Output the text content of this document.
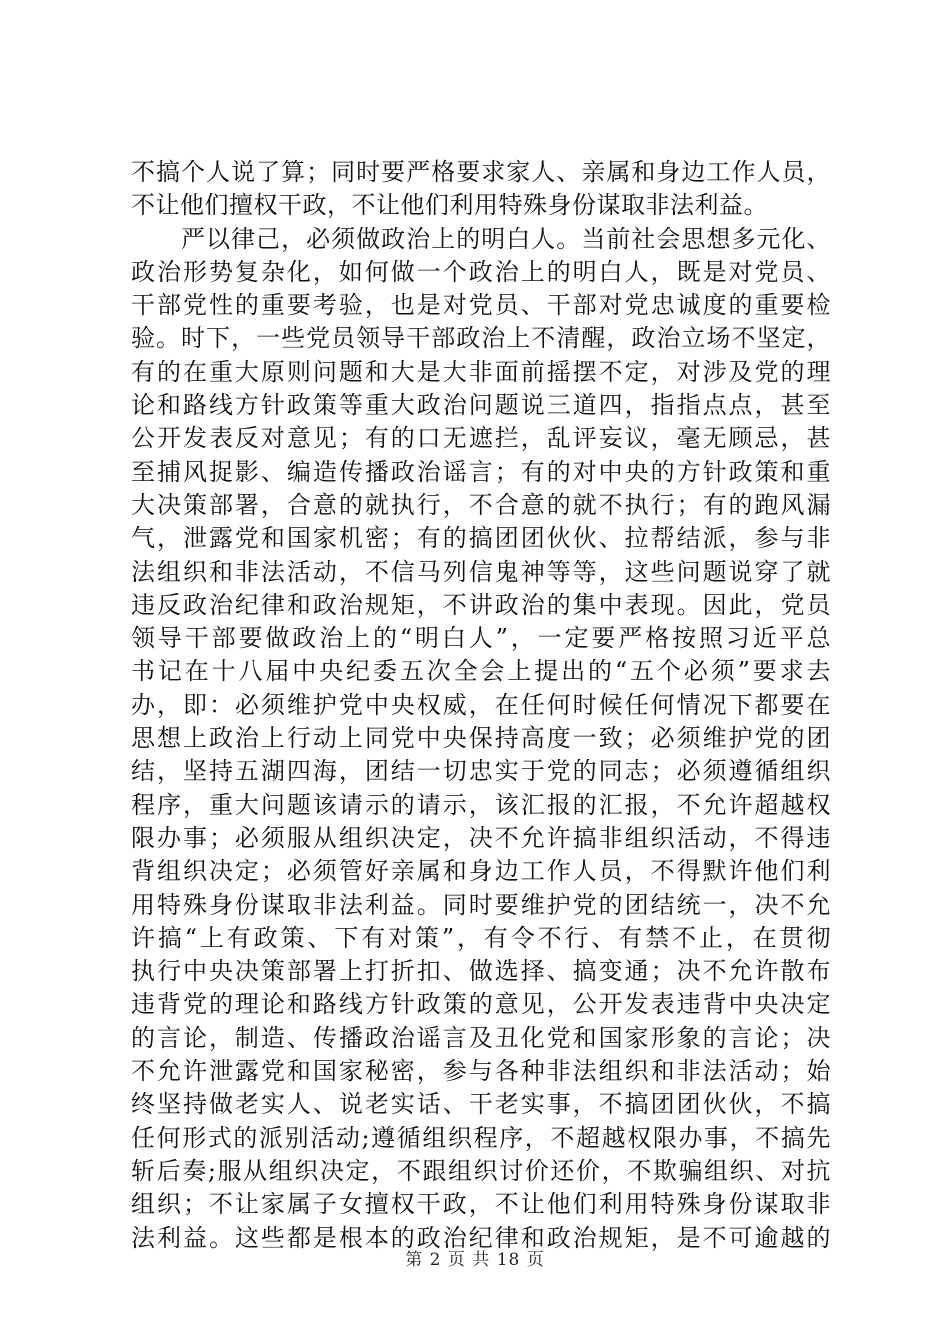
不搞个人说了算；同时要严格要求家人、亲属和身边工作人员，
不让他们擅权干政，不让他们利用特殊身份谋取非法利益。
严以律己，必须做政治上的明白人。当前社会思想多元化、
政治形势复杂化，如何做一个政治上的明白人，既是对党员、
干部党性的重要考验，也是对党员、干部对党忠诚度的重要检
验。时下，一些党员领导干部政治上不清醒，政治立场不坚定，
有的在重大原则问题和大是大非面前摇摆不定，对涉及党的理
论和路线方针政策等重大政治问题说三道四，指指点点，甚至
公开发表反对意见；有的口无遮拦，乱评妄议，毫无顾忌，甚
至捕风捉影、编造传播政治谣言；有的对中央的方针政策和重
大决策部署，合意的就执行，不合意的就不执行；有的跑风漏
气，泄露党和国家机密；有的搞团团伙伙、拉帮结派，参与非
法组织和非法活动，不信马列信鬼神等等，这些问题说穿了就
违反政治纪律和政治规矩，不讲政治的集中表现。因此，党员
领导干部要做政治上的“明白人”，一定要严格按照习近平总
书记在十八届中央纪委五次全会上提出的“五个必须”要求去
办，即：必须维护党中央权威，在任何时候任何情况下都要在
思想上政治上行动上同党中央保持高度一致；必须维护党的团
结，坚持五湖四海，团结一切忠实于党的同志；必须遵循组织
程序，重大问题该请示的请示，该汇报的汇报，不允许超越权
限办事；必须服从组织决定，决不允许搞非组织活动，不得违
背组织决定；必须管好亲属和身边工作人员，不得默许他们利
用特殊身份谋取非法利益。同时要维护党的团结统一，决不允
许搞“上有政策、下有对策”，有令不行、有禁不止，在贯彻
执行中央决策部署上打折扣、做选择、搞变通；决不允许散布
违背党的理论和路线方针政策的意见，公开发表违背中央决定
的言论，制造、传播政治谣言及丑化党和国家形象的言论；决
不允许泄露党和国家秘密，参与各种非法组织和非法活动；始
终坚持做老实人、说老实话、干老实事，不搞团团伙伙，不搞
任何形式的派别活动;遵循组织程序，不超越权限办事，不搞先
斩后奏;服从组织决定，不跟组织讨价还价，不欺骗组织、对抗
组织；不让家属子女擅权干政，不让他们利用特殊身份谋取非
法利益。这些都是根本的政治纪律和政治规矩，是不可逾越的
第 2 页 共 18 页
